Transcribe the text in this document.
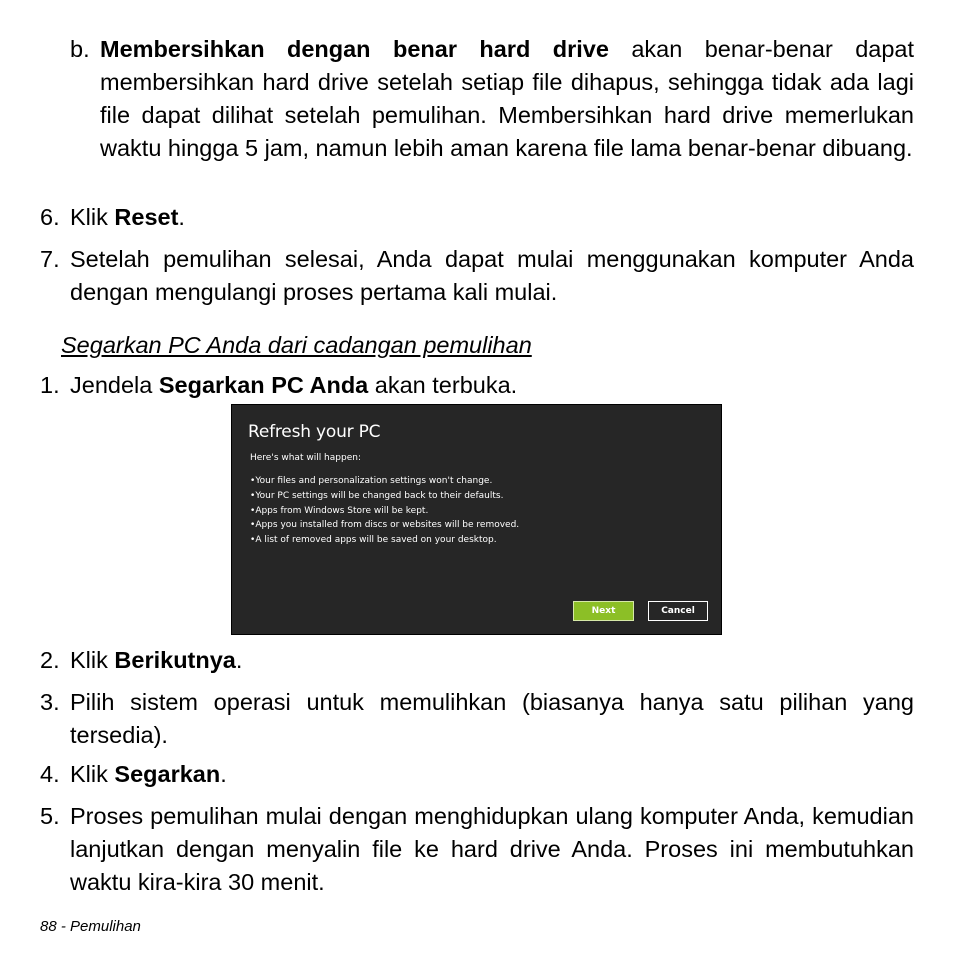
b. Membersihkan dengan benar hard drive akan benar-benar dapat membersihkan hard drive setelah setiap file dihapus, sehingga tidak ada lagi file dapat dilihat setelah pemulihan. Membersihkan hard drive memerlukan waktu hingga 5 jam, namun lebih aman karena file lama benar-benar dibuang.
6. Klik Reset.
7. Setelah pemulihan selesai, Anda dapat mulai menggunakan komputer Anda dengan mengulangi proses pertama kali mulai.
Segarkan PC Anda dari cadangan pemulihan
1. Jendela Segarkan PC Anda akan terbuka.
Refresh your PC
Here's what will happen:
• Your files and personalization settings won't change.
• Your PC settings will be changed back to their defaults.
• Apps from Windows Store will be kept.
• Apps you installed from discs or websites will be removed.
• A list of removed apps will be saved on your desktop.
Next	Cancel
2. Klik Berikutnya.
3. Pilih sistem operasi untuk memulihkan (biasanya hanya satu pilihan yang tersedia).
4. Klik Segarkan.
5. Proses pemulihan mulai dengan menghidupkan ulang komputer Anda, kemudian lanjutkan dengan menyalin file ke hard drive Anda. Proses ini membutuhkan waktu kira-kira 30 menit.
88 - Pemulihan
